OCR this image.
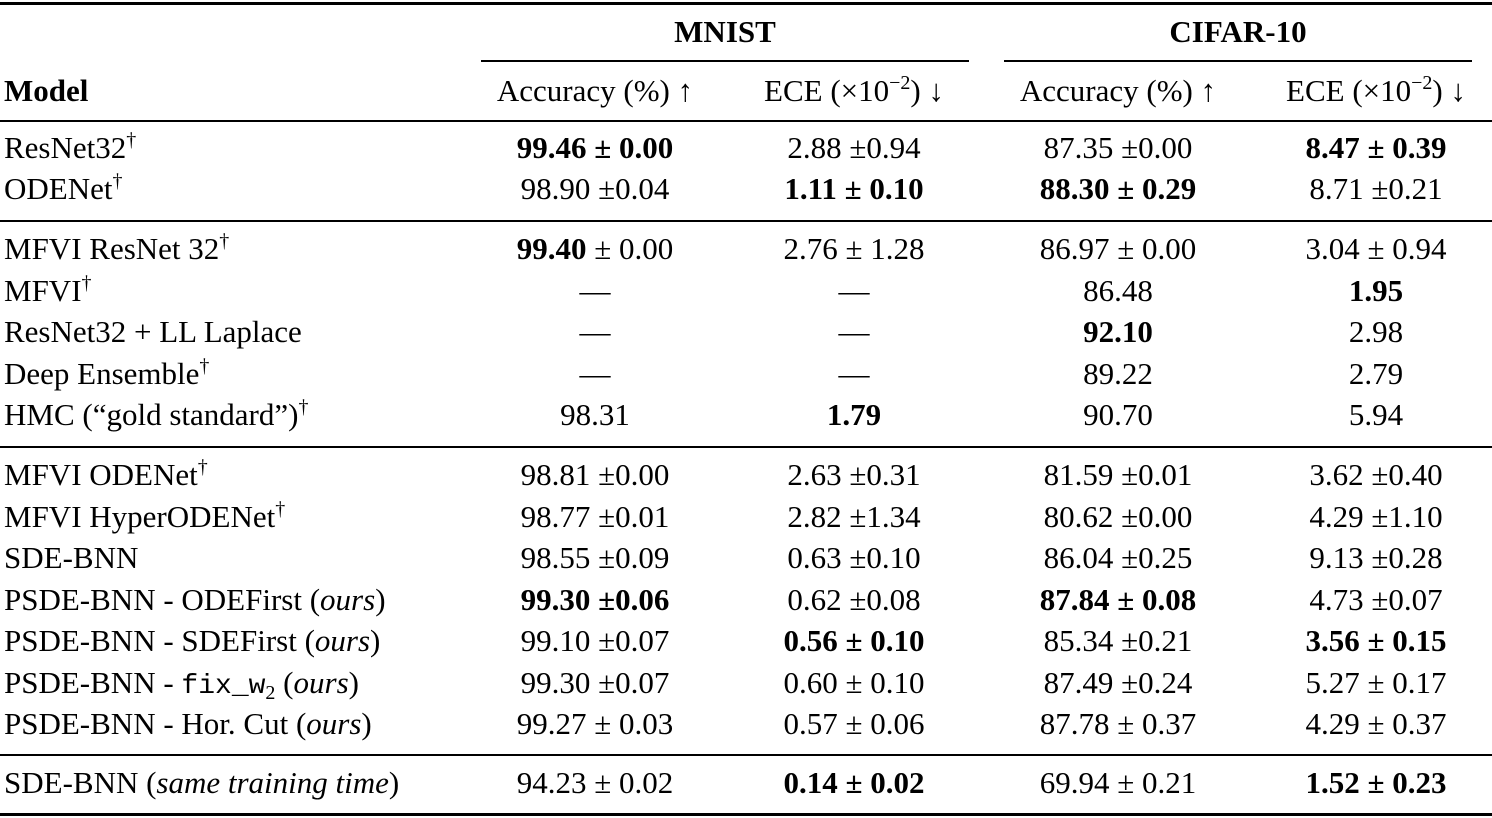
MNIST	CIFAR-10
Model	Accuracy (%) ↑	ECE $(\times 10^{-2})$ ↓	Accuracy (%) ↑	ECE $(\times 10^{-2})$ ↓
ResNet32†	99.46 ± 0.00	2.88 ±0.94	87.35 ±0.00	8.47 ± 0.39
ODENet†	98.90 ±0.04	1.11 ± 0.10	88.30 ± 0.29	8.71 ±0.21
MFVI ResNet 32†	99.40 ± 0.00	2.76 ± 1.28	86.97 ± 0.00	3.04 ± 0.94
MFVI†	—	—	86.48	1.95
ResNet32 + LL Laplace	—	—	92.10	2.98
Deep Ensemble†	—	—	89.22	2.79
HMC (“gold standard”)†	98.31	1.79	90.70	5.94
MFVI ODENet†	98.81 ±0.00	2.63 ±0.31	81.59 ±0.01	3.62 ±0.40
MFVI HyperODENet†	98.77 ±0.01	2.82 ±1.34	80.62 ±0.00	4.29 ±1.10
SDE-BNN	98.55 ±0.09	0.63 ±0.10	86.04 ±0.25	9.13 ±0.28
PSDE-BNN - ODEFirst (ours)	99.30 ±0.06	0.62 ±0.08	87.84 ± 0.08	4.73 ±0.07
PSDE-BNN - SDEFirst (ours)	99.10 ±0.07	0.56 ± 0.10	85.34 ±0.21	3.56 ± 0.15
PSDE-BNN - $fix\_w_2$ (ours)	99.30 ±0.07	0.60 ± 0.10	87.49 ±0.24	5.27 ± 0.17
PSDE-BNN - Hor. Cut (ours)	99.27 ± 0.03	0.57 ± 0.06	87.78 ± 0.37	4.29 ± 0.37
SDE-BNN (same training time)	94.23 ± 0.02	0.14 ± 0.02	69.94 ± 0.21	1.52 ± 0.23
